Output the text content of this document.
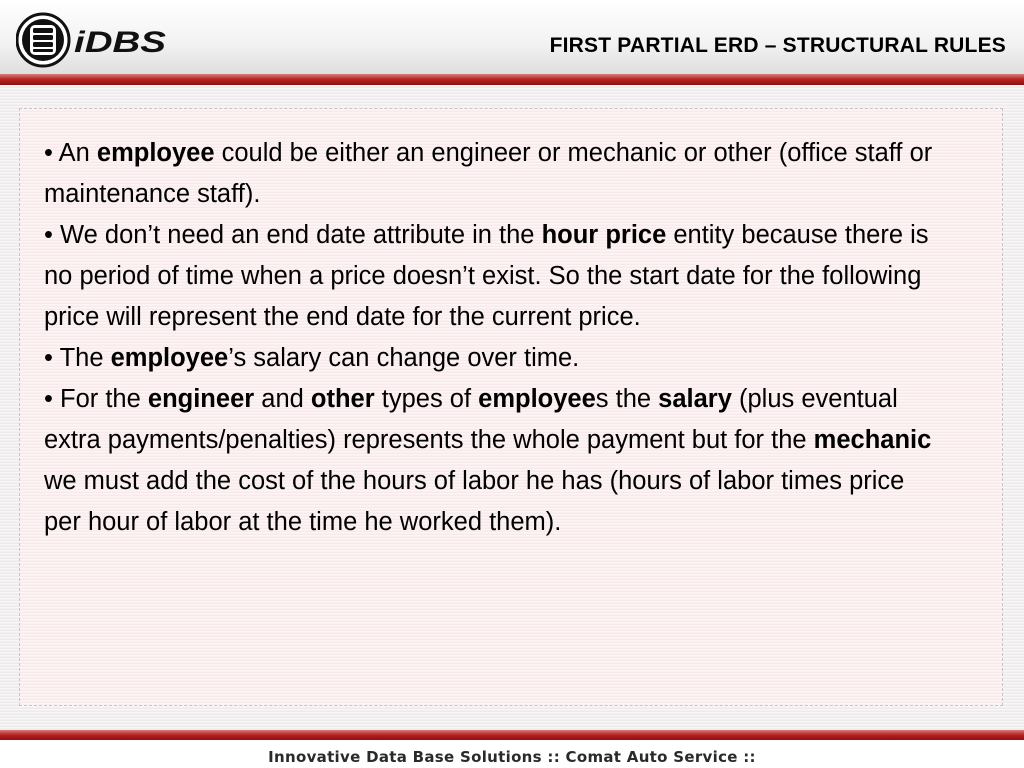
iDBS	FIRST PARTIAL ERD – STRUCTURAL RULES

• An employee could be either an engineer or mechanic or other (office staff or maintenance staff).

• We don’t need an end date attribute in the hour price entity because there is no period of time when a price doesn’t exist. So the start date for the following price will represent the end date for the current price.

• The employee’s salary can change over time.

• For the engineer and other types of employees the salary (plus eventual extra payments/penalties) represents the whole payment but for the mechanic we must add the cost of the hours of labor he has (hours of labor times price per hour of labor at the time he worked them).

Innovative Data Base Solutions :: Comat Auto Service ::
